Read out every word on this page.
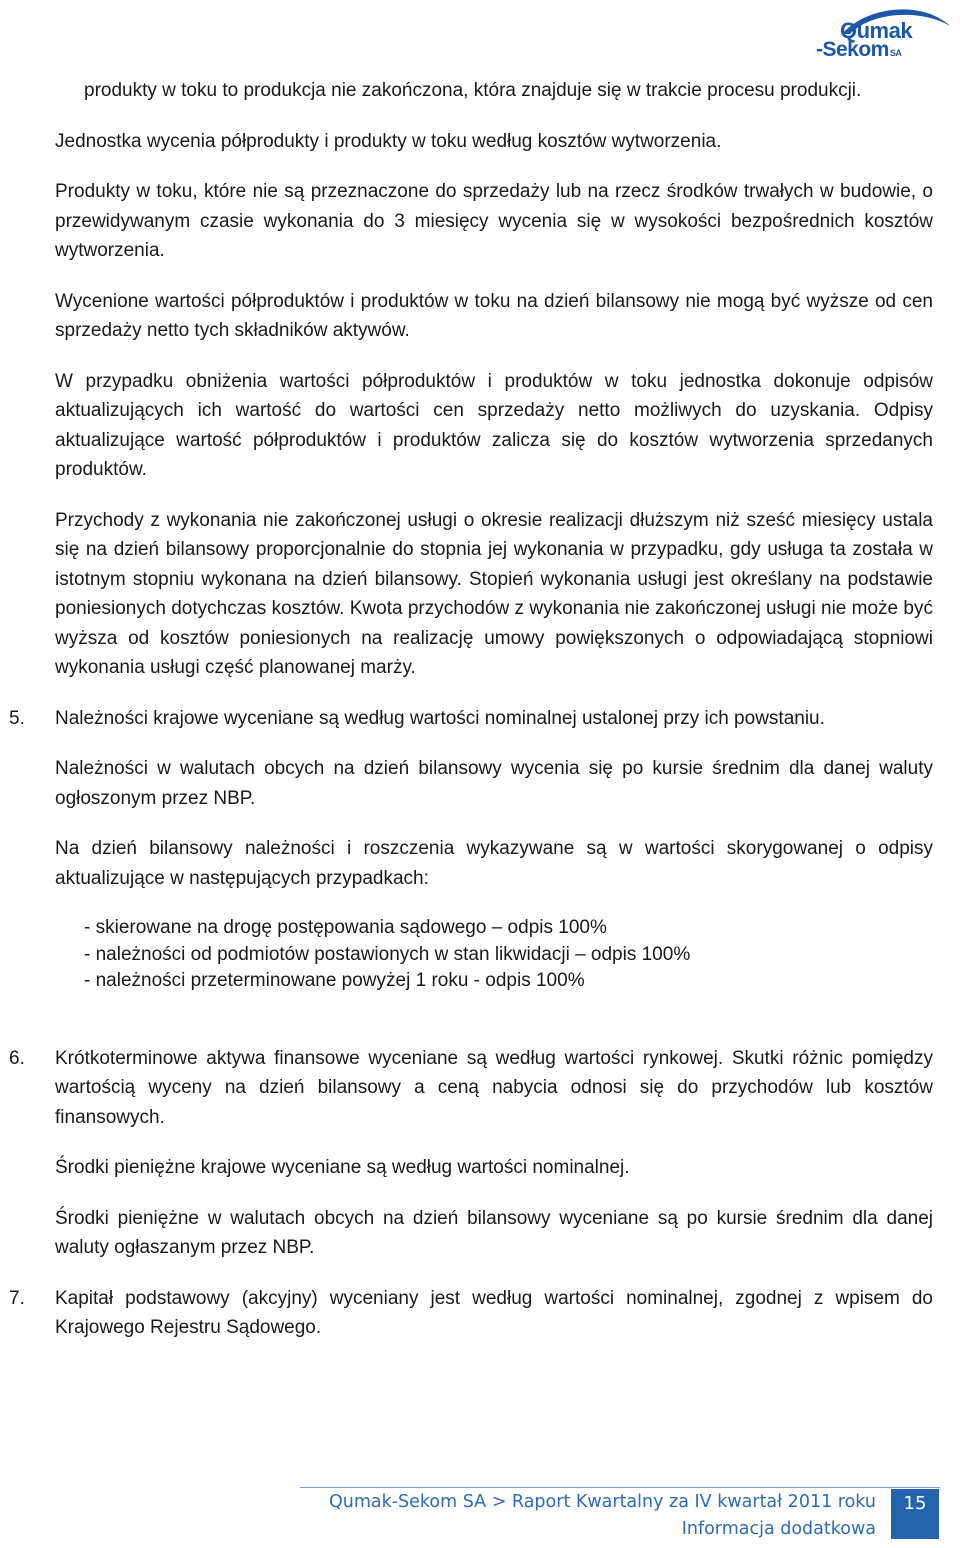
Qumak
-SekomSA

produkty w toku to produkcja nie zakończona, która znajduje się w trakcie procesu produkcji.

Jednostka wycenia półprodukty i produkty w toku według kosztów wytworzenia.

Produkty w toku, które nie są przeznaczone do sprzedaży lub na rzecz środków trwałych w budowie, o przewidywanym czasie wykonania do 3 miesięcy wycenia się w wysokości bezpośrednich kosztów wytworzenia.

Wycenione wartości półproduktów i produktów w toku na dzień bilansowy nie mogą być wyższe od cen sprzedaży netto tych składników aktywów.

W przypadku obniżenia wartości półproduktów i produktów w toku jednostka dokonuje odpisów aktualizujących ich wartość do wartości cen sprzedaży netto możliwych do uzyskania. Odpisy aktualizujące wartość półproduktów i produktów zalicza się do kosztów wytworzenia sprzedanych produktów.

Przychody z wykonania nie zakończonej usługi o okresie realizacji dłuższym niż sześć miesięcy ustala się na dzień bilansowy proporcjonalnie do stopnia jej wykonania w przypadku, gdy usługa ta została w istotnym stopniu wykonana na dzień bilansowy. Stopień wykonania usługi jest określany na podstawie poniesionych dotychczas kosztów. Kwota przychodów z wykonania nie zakończonej usługi nie może być wyższa od kosztów poniesionych na realizację umowy powiększonych o odpowiadającą stopniowi wykonania usługi część planowanej marży.

5. Należności krajowe wyceniane są według wartości nominalnej ustalonej przy ich powstaniu.

Należności w walutach obcych na dzień bilansowy wycenia się po kursie średnim dla danej waluty ogłoszonym przez NBP.

Na dzień bilansowy należności i roszczenia wykazywane są w wartości skorygowanej o odpisy aktualizujące w następujących przypadkach:

- skierowane na drogę postępowania sądowego – odpis 100%
- należności od podmiotów postawionych w stan likwidacji – odpis 100%
- należności przeterminowane powyżej 1 roku - odpis 100%
6. Krótkoterminowe aktywa finansowe wyceniane są według wartości rynkowej. Skutki różnic pomiędzy wartością wyceny na dzień bilansowy a ceną nabycia odnosi się do przychodów lub kosztów finansowych.

Środki pieniężne krajowe wyceniane są według wartości nominalnej.

Środki pieniężne w walutach obcych na dzień bilansowy wyceniane są po kursie średnim dla danej waluty ogłaszanym przez NBP.

7. Kapitał podstawowy (akcyjny) wyceniany jest według wartości nominalnej, zgodnej z wpisem do Krajowego Rejestru Sądowego.

Qumak-Sekom SA > Raport Kwartalny za IV kwartał 2011 roku
Informacja dodatkowa
15
